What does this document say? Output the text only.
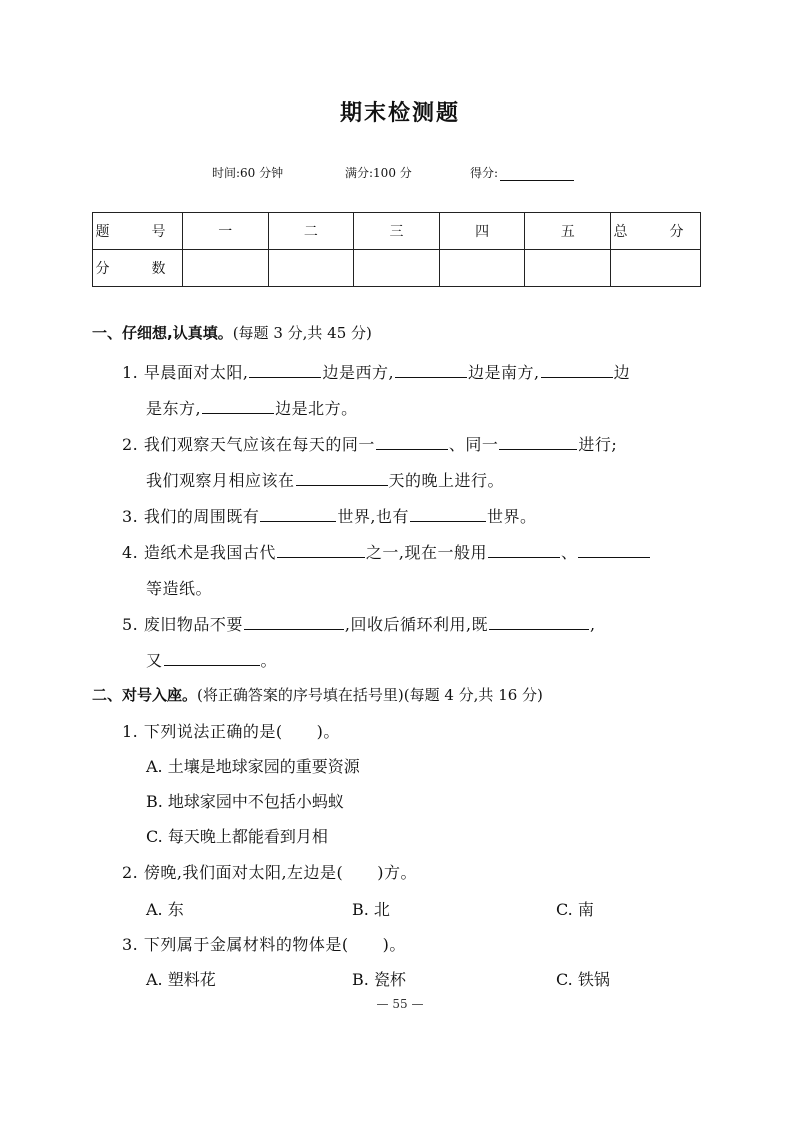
期末检测题
时间:60 分钟	满分:100 分	得分:
题　号	一	二	三	四	五	总　分
分　数						
一、仔细想,认真填。(每题 3 分,共 45 分)
1. 早晨面对太阳,	边是西方,	边是南方,	边
是东方,	边是北方。
2. 我们观察天气应该在每天的同一	、同一	进行;
我们观察月相应该在	天的晚上进行。
3. 我们的周围既有	世界,也有	世界。
4. 造纸术是我国古代	之一,现在一般用	、
等造纸。
5. 废旧物品不要	,回收后循环利用,既	,
又	。
二、对号入座。(将正确答案的序号填在括号里)(每题 4 分,共 16 分)
1. 下列说法正确的是( )。
A. 土壤是地球家园的重要资源
B. 地球家园中不包括小蚂蚁
C. 每天晚上都能看到月相
2. 傍晚,我们面对太阳,左边是( )方。
A. 东	B. 北	C. 南
3. 下列属于金属材料的物体是( )。
A. 塑料花	B. 瓷杯	C. 铁锅
— 55 —
